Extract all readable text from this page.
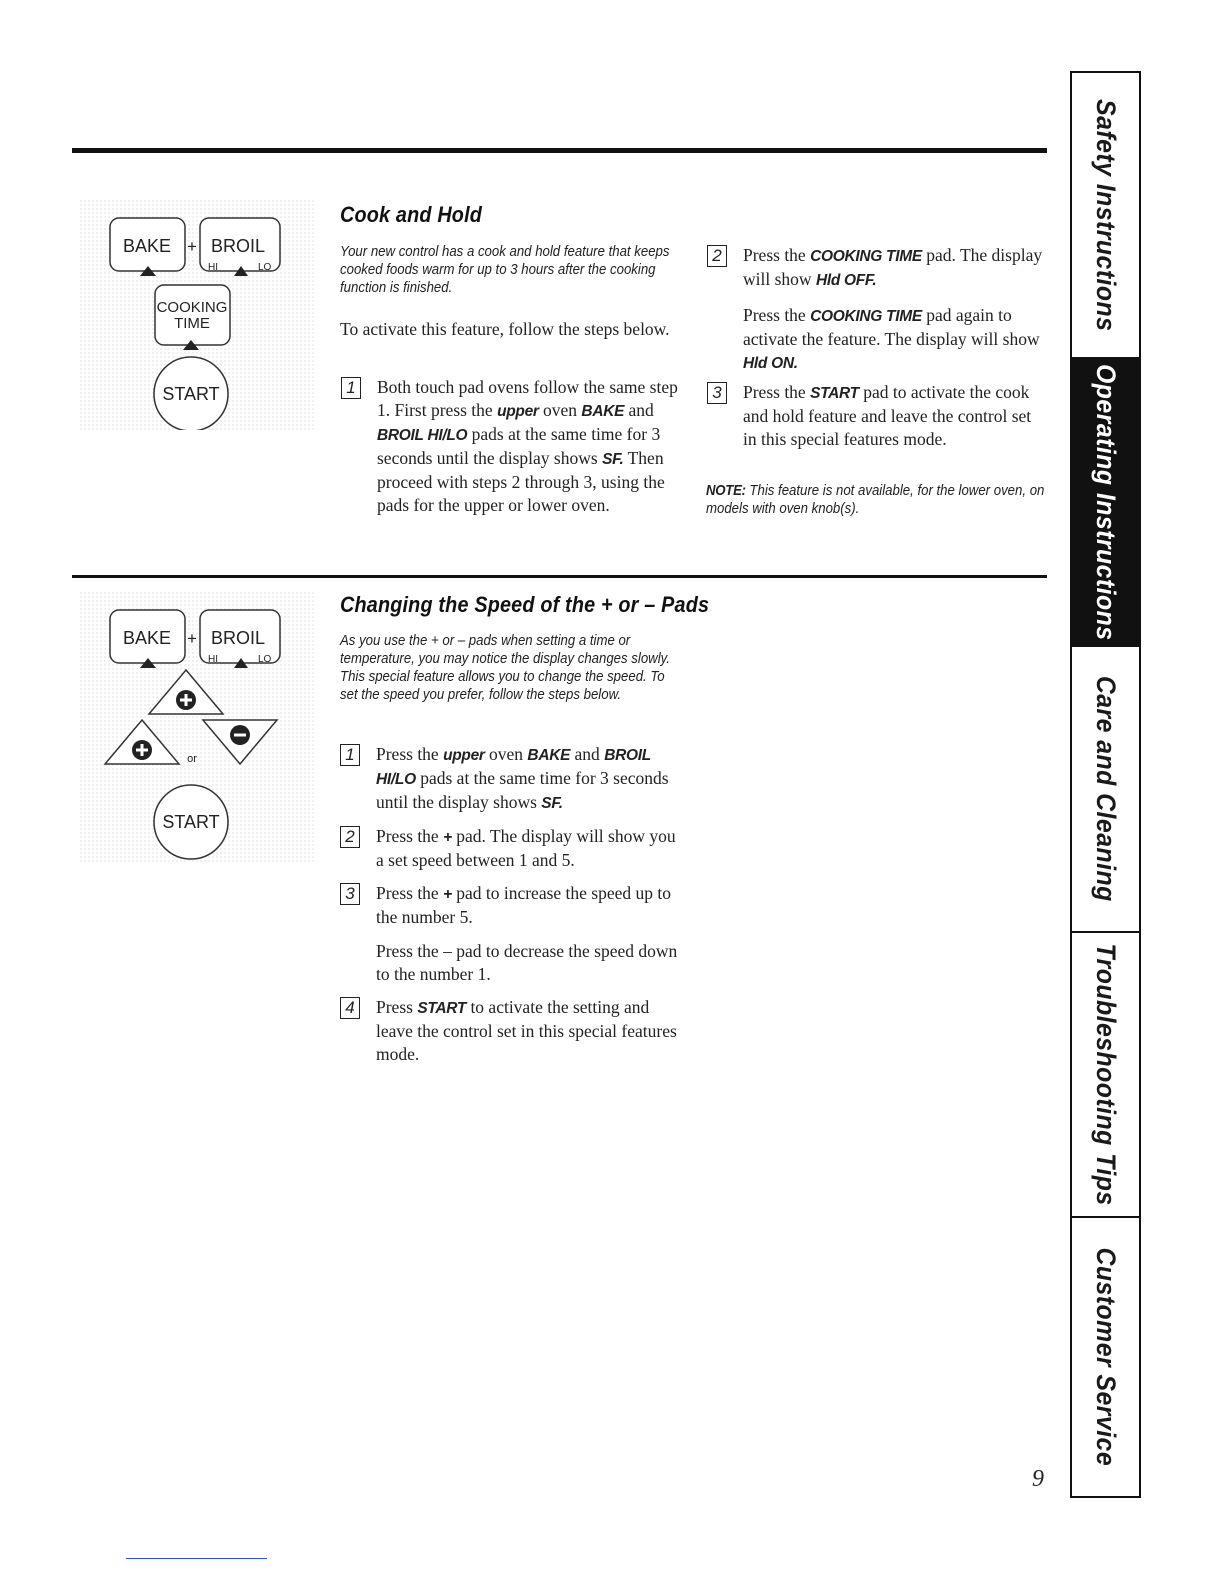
BAKE + BROIL
HI	LO
COOKING
TIME
START
BAKE + BROIL
HI	LO
or
START
Cook and Hold
Your new control has a cook and hold feature that keeps cooked foods warm for up to 3 hours after the cooking function is finished.
To activate this feature, follow the steps below.
1	Both touch pad ovens follow the same step 1. First press the upper oven BAKE and BROIL HI/LO pads at the same time for 3 seconds until the display shows SF. Then proceed with steps 2 through 3, using the pads for the upper or lower oven.
2	Press the COOKING TIME pad. The display will show Hld OFF.
Press the COOKING TIME pad again to activate the feature. The display will show Hld ON.
3	Press the START pad to activate the cook and hold feature and leave the control set in this special features mode.
NOTE: This feature is not available, for the lower oven, on models with oven knob(s).
Changing the Speed of the + or – Pads
As you use the + or – pads when setting a time or temperature, you may notice the display changes slowly. This special feature allows you to change the speed. To set the speed you prefer, follow the steps below.
1	Press the upper oven BAKE and BROIL HI/LO pads at the same time for 3 seconds until the display shows SF.
2	Press the + pad. The display will show you a set speed between 1 and 5.
3	Press the + pad to increase the speed up to the number 5.
Press the – pad to decrease the speed down to the number 1.
4	Press START to activate the setting and leave the control set in this special features mode.
Safety Instructions
Operating Instructions
Care and Cleaning
Troubleshooting Tips
Customer Service
9
